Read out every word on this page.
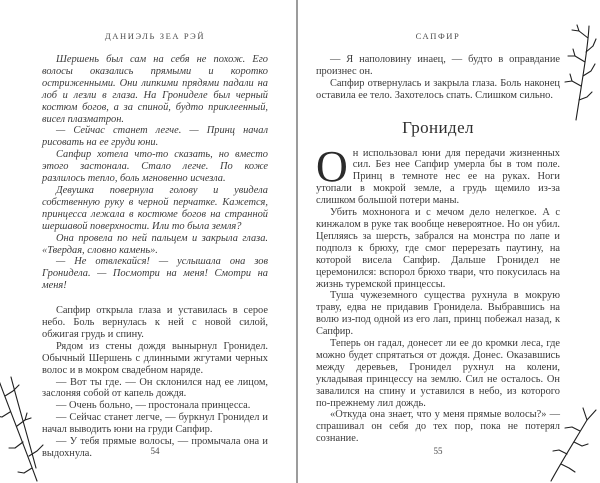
ДАНИЭЛЬ ЗЕА РЭЙ

Шершень был сам на себя не похож. Его волосы оказались прямыми и коротко остриженными. Они липкими прядями падали на лоб и лезли в глаза. На Грониделе был черный костюм богов, а за спиной, будто приклеенный, висел плазматрон.

— Сейчас станет легче. — Принц начал рисовать на ее груди юни.

Сапфир хотела что-то сказать, но вместо этого застонала. Стало легче. По коже разлилось тепло, боль мгновенно исчезла.

Девушка повернула голову и увидела собственную руку в черной перчатке. Кажется, принцесса лежала в костюме богов на странной шершавой поверхности. Или то была земля?

Она провела по ней пальцем и закрыла глаза. «Твердая, словно камень».

— Не отвлекайся! — услышала она зов Гронидела. — Посмотри на меня! Смотри на меня!

Сапфир открыла глаза и уставилась в серое небо. Боль вернулась к ней с новой силой, обжигая грудь и спину.

Рядом из стены дождя вынырнул Гронидел. Обычный Шершень с длинными жгутами черных волос и в мокром свадебном наряде.

— Вот ты где. — Он склонился над ее лицом, заслоняя собой от капель дождя.

— Очень больно, — простонала принцесса.

— Сейчас станет легче, — буркнул Гронидел и начал выводить юни на груди Сапфир.

— У тебя прямые волосы, — промычала она и выдохнула.	54
САПФИР

— Я наполовину инаец, — будто в оправдание произнес он.

Сапфир отвернулась и закрыла глаза. Боль наконец оставила ее тело. Захотелось спать. Слишком сильно.

Гронидел

Он использовал юни для передачи жизненных сил. Без нее Сапфир умерла бы в том поле. Принц в темноте нес ее на руках. Ноги утопали в мокрой земле, а грудь щемило из-за слишком большой потери маны.

Убить мохнонога и с мечом дело нелегкое. А с кинжалом в руке так вообще невероятное. Но он убил. Цепляясь за шерсть, забрался на монстра по лапе и подполз к брюху, где смог перерезать паутину, на которой висела Сапфир. Дальше Гронидел не церемонился: вспорол брюхо твари, что покусилась на жизнь туремской принцессы.

Туша чужеземного существа рухнула в мокрую траву, едва не придавив Гронидела. Выбравшись на волю из-под одной из его лап, принц побежал назад, к Сапфир.

Теперь он гадал, донесет ли ее до кромки леса, где можно будет спрятаться от дождя. Донес. Оказавшись между деревьев, Гронидел рухнул на колени, укладывая принцессу на землю. Сил не осталось. Он завалился на спину и уставился в небо, из которого по-прежнему лил дождь.

«Откуда она знает, что у меня прямые волосы?» — спрашивал он себя до тех пор, пока не потерял сознание.

55
